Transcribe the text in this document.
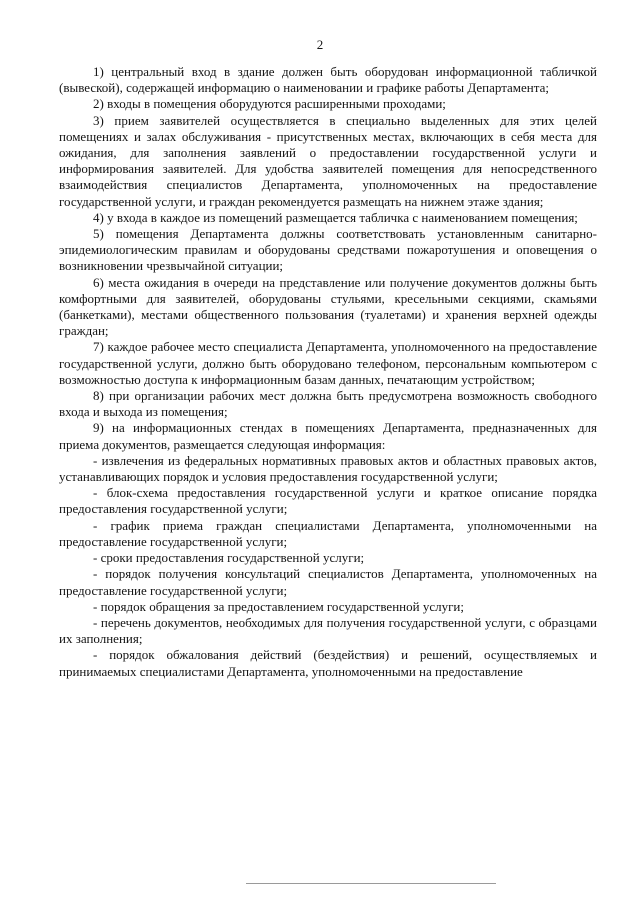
2

1) центральный вход в здание должен быть оборудован информационной табличкой (вывеской), содержащей информацию о наименовании и графике работы Департамента;

2) входы в помещения оборудуются расширенными проходами;

3) прием заявителей осуществляется в специально выделенных для этих целей помещениях и залах обслуживания - присутственных местах, включающих в себя места для ожидания, для заполнения заявлений о предоставлении государственной услуги и информирования заявителей. Для удобства заявителей помещения для непосредственного взаимодействия специалистов Департамента, уполномоченных на предоставление государственной услуги, и граждан рекомендуется размещать на нижнем этаже здания;

4) у входа в каждое из помещений размещается табличка с наименованием помещения;

5) помещения Департамента должны соответствовать установленным санитарно-эпидемиологическим правилам и оборудованы средствами пожаротушения и оповещения о возникновении чрезвычайной ситуации;

6) места ожидания в очереди на представление или получение документов должны быть комфортными для заявителей, оборудованы стульями, кресельными секциями, скамьями (банкетками), местами общественного пользования (туалетами) и хранения верхней одежды граждан;

7) каждое рабочее место специалиста Департамента, уполномоченного на предоставление государственной услуги, должно быть оборудовано телефоном, персональным компьютером с возможностью доступа к информационным базам данных, печатающим устройством;

8) при организации рабочих мест должна быть предусмотрена возможность свободного входа и выхода из помещения;

9) на информационных стендах в помещениях Департамента, предназначенных для приема документов, размещается следующая информация:

- извлечения из федеральных нормативных правовых актов и областных правовых актов, устанавливающих порядок и условия предоставления государственной услуги;

- блок-схема предоставления государственной услуги и краткое описание порядка предоставления государственной услуги;

- график приема граждан специалистами Департамента, уполномоченными на предоставление государственной услуги;

- сроки предоставления государственной услуги;

- порядок получения консультаций специалистов Департамента, уполномоченных на предоставление государственной услуги;

- порядок обращения за предоставлением государственной услуги;

- перечень документов, необходимых для получения государственной услуги, с образцами их заполнения;

- порядок обжалования действий (бездействия) и решений, осуществляемых и принимаемых специалистами Департамента, уполномоченными на предоставление
